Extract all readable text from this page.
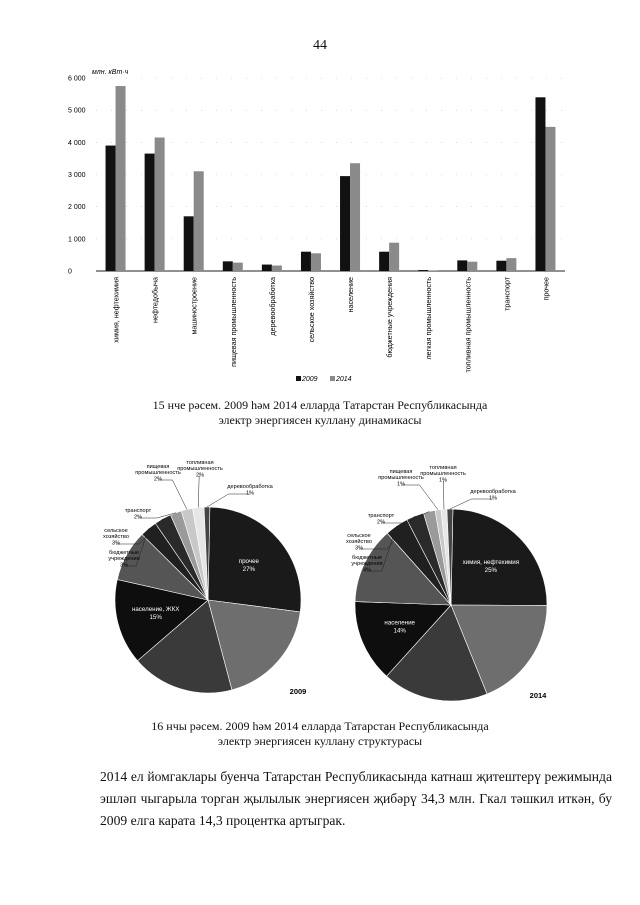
44
млн. кВт·ч
0
1 000
2 000
3 000
4 000
5 000
6 000
химия, нефтехимия	нефтедобыча	машиностроение	пищевая промышленность	деревообработка	сельское хозяйство	население	бюджетные учреждения	легкая промышленность	топливная промышленность	транспорт	прочее
2009	2014
15 нче рәсем. 2009 һәм 2014 елларда Татарстан Республикасында
электр энергиясен куллану динамикасы
прочее
27%
население, ЖКХ
15%
бюджетные
учреждения
3%
сельское
хозяйство
3%
транспорт
2%
пищевая
промышленность
2%
топливная
промышленность
2%
деревообработка
1%
2009
химия, нефтехимия
25%
население
14%
бюджетные
учреждения
4%
сельское
хозяйство
3%
транспорт
2%
пищевая
промышленность
1%
топливная
промышленность
1%
деревообработка
1%
2014
16 нчы рәсем. 2009 һәм 2014 елларда Татарстан Республикасында
электр энергиясен куллану структурасы

2014 ел йомгаклары буенча Татарстан Республикасында катнаш җитештерү режимында эшләп чыгарыла торган җылылык энергиясен җибәрү 34,3 млн. Гкал тәшкил иткән, бу 2009 елга карата 14,3 процентка артыграк.
